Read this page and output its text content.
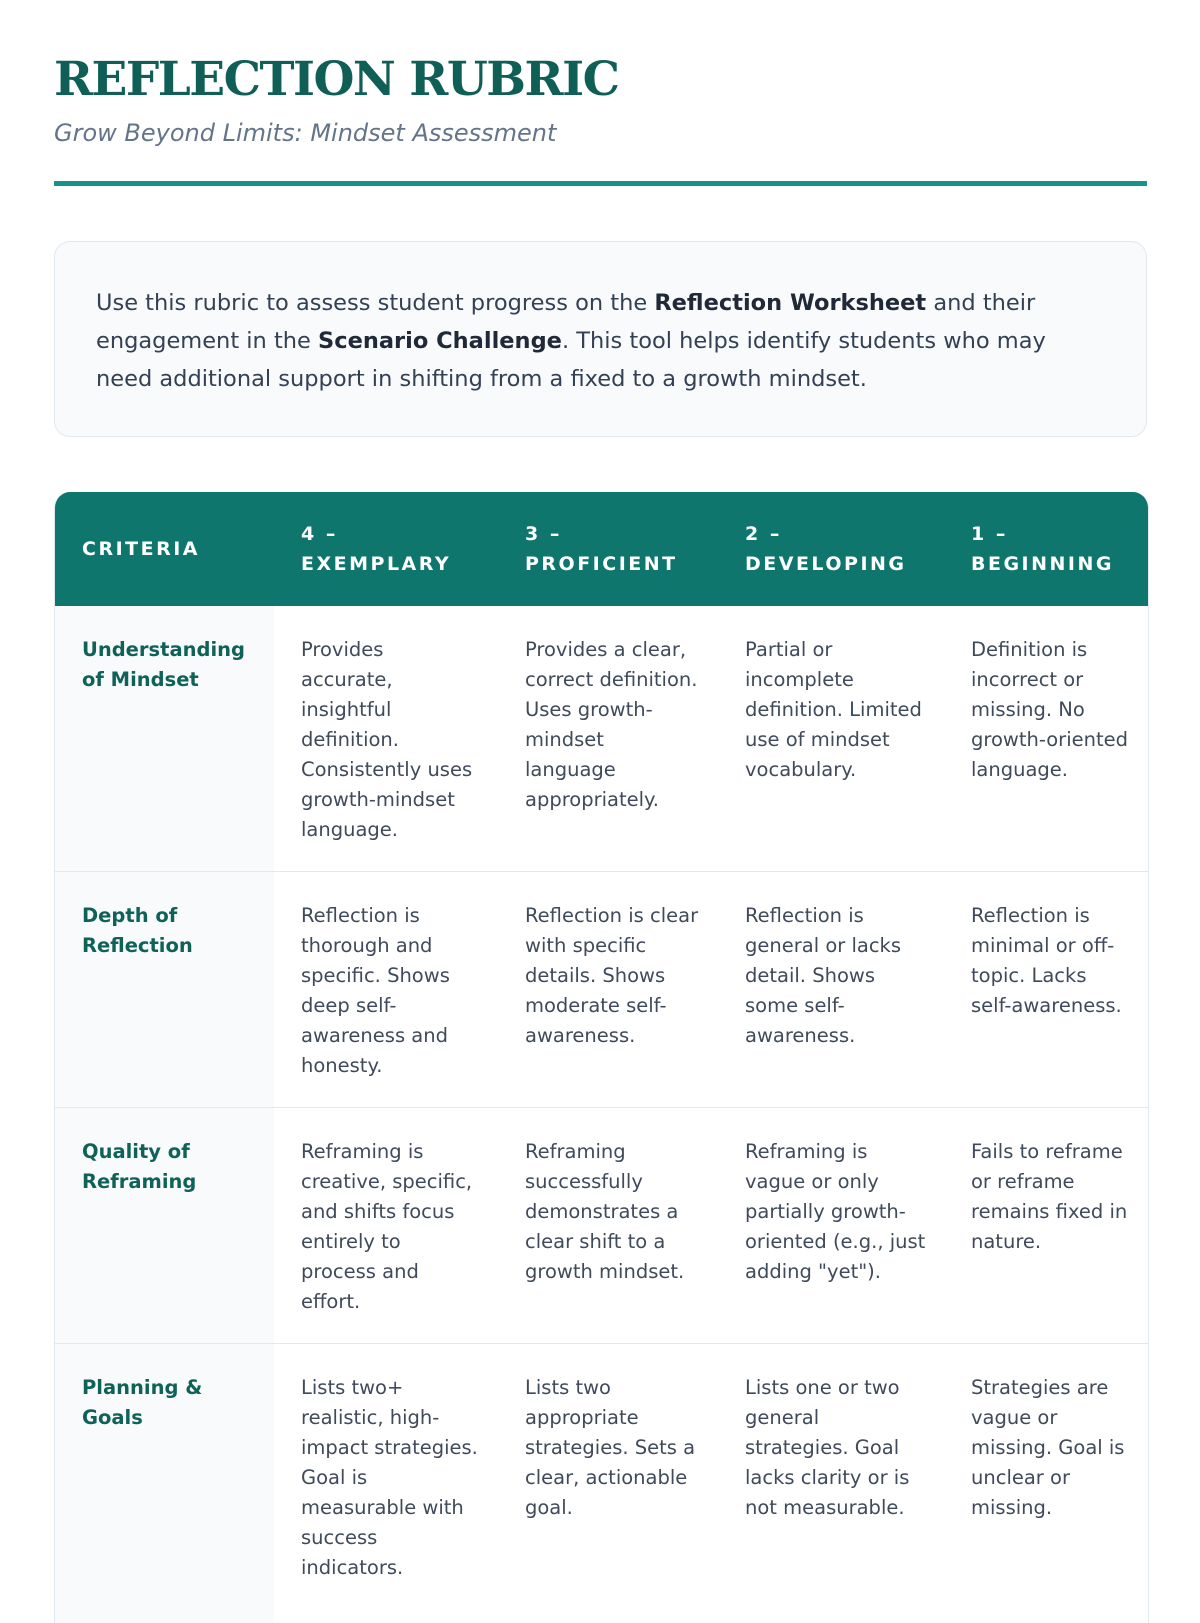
REFLECTION RUBRIC

Grow Beyond Limits: Mindset Assessment

Use this rubric to assess student progress on the Reflection Worksheet and their engagement in the Scenario Challenge. This tool helps identify students who may need additional support in shifting from a fixed to a growth mindset.
CRITERIA	4 – EXEMPLARY	3 – PROFICIENT	2 – DEVELOPING	1 – BEGINNING
Understanding of Mindset	Provides accurate, insightful definition. Consistently uses growth-mindset language.	Provides a clear, correct definition. Uses growth-mindset language appropriately.	Partial or incomplete definition. Limited use of mindset vocabulary.	Definition is incorrect or missing. No growth-oriented language.
Depth of Reflection	Reflection is thorough and specific. Shows deep self-awareness and honesty.	Reflection is clear with specific details. Shows moderate self-awareness.	Reflection is general or lacks detail. Shows some self-awareness.	Reflection is minimal or off-topic. Lacks self-awareness.
Quality of Reframing	Reframing is creative, specific, and shifts focus entirely to process and effort.	Reframing successfully demonstrates a clear shift to a growth mindset.	Reframing is vague or only partially growth-oriented (e.g., just adding "yet").	Fails to reframe or reframe remains fixed in nature.
Planning & Goals	Lists two+ realistic, high-impact strategies. Goal is measurable with success indicators.	Lists two appropriate strategies. Sets a clear, actionable goal.	Lists one or two general strategies. Goal lacks clarity or is not measurable.	Strategies are vague or missing. Goal is unclear or missing.
